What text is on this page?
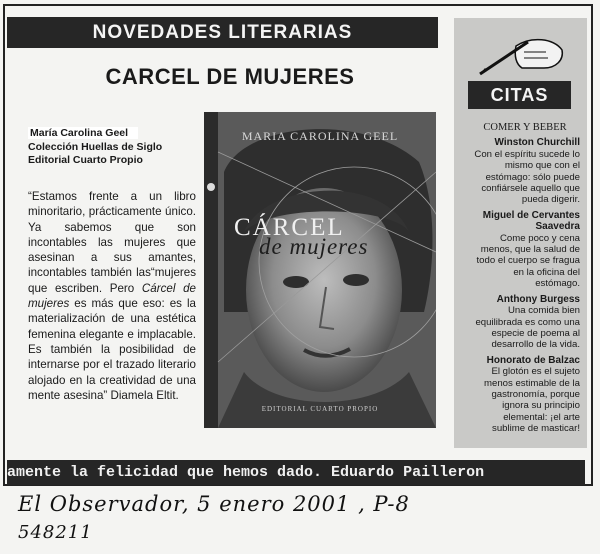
NOVEDADES LITERARIAS
CARCEL DE MUJERES
María Carolina Geel
Colección Huellas de Siglo
Editorial Cuarto Propio
“Estamos frente a un libro minoritario, prácticamente único. Ya sabemos que son incontables las mujeres que asesinan a sus amantes, incontables también las“mujeres que escriben. Pero Cárcel de mujeres es más que eso: es la materialización de una estética femenina elegante e implacable. Es también la posibilidad de internarse por el trazado literario alojado en la creatividad de una mente asesina” Diamela Eltit.
MARIA CAROLINA GEEL
CÁRCEL
de mujeres
EDITORIAL CUARTO PROPIO
CITAS
COMER Y BEBER
Winston Churchill
Con el espíritu sucede lo mismo que con el estómago: sólo puede confiársele aquello que pueda digerir.
Miguel de Cervantes Saavedra
Come poco y cena menos, que la salud de todo el cuerpo se fragua en la oficina del estómago.
Anthony Burgess
Una comida bien equilibrada es como una especie de poema al desarrollo de la vida.
Honorato de Balzac
El glotón es el sujeto menos estimable de la gastronomía, porque ignora su principio elemental: ¡el arte sublime de masticar!
amente la felicidad que hemos dado. Eduardo Pailleron
El Observador, 5 enero 2001 , P-8
548211
